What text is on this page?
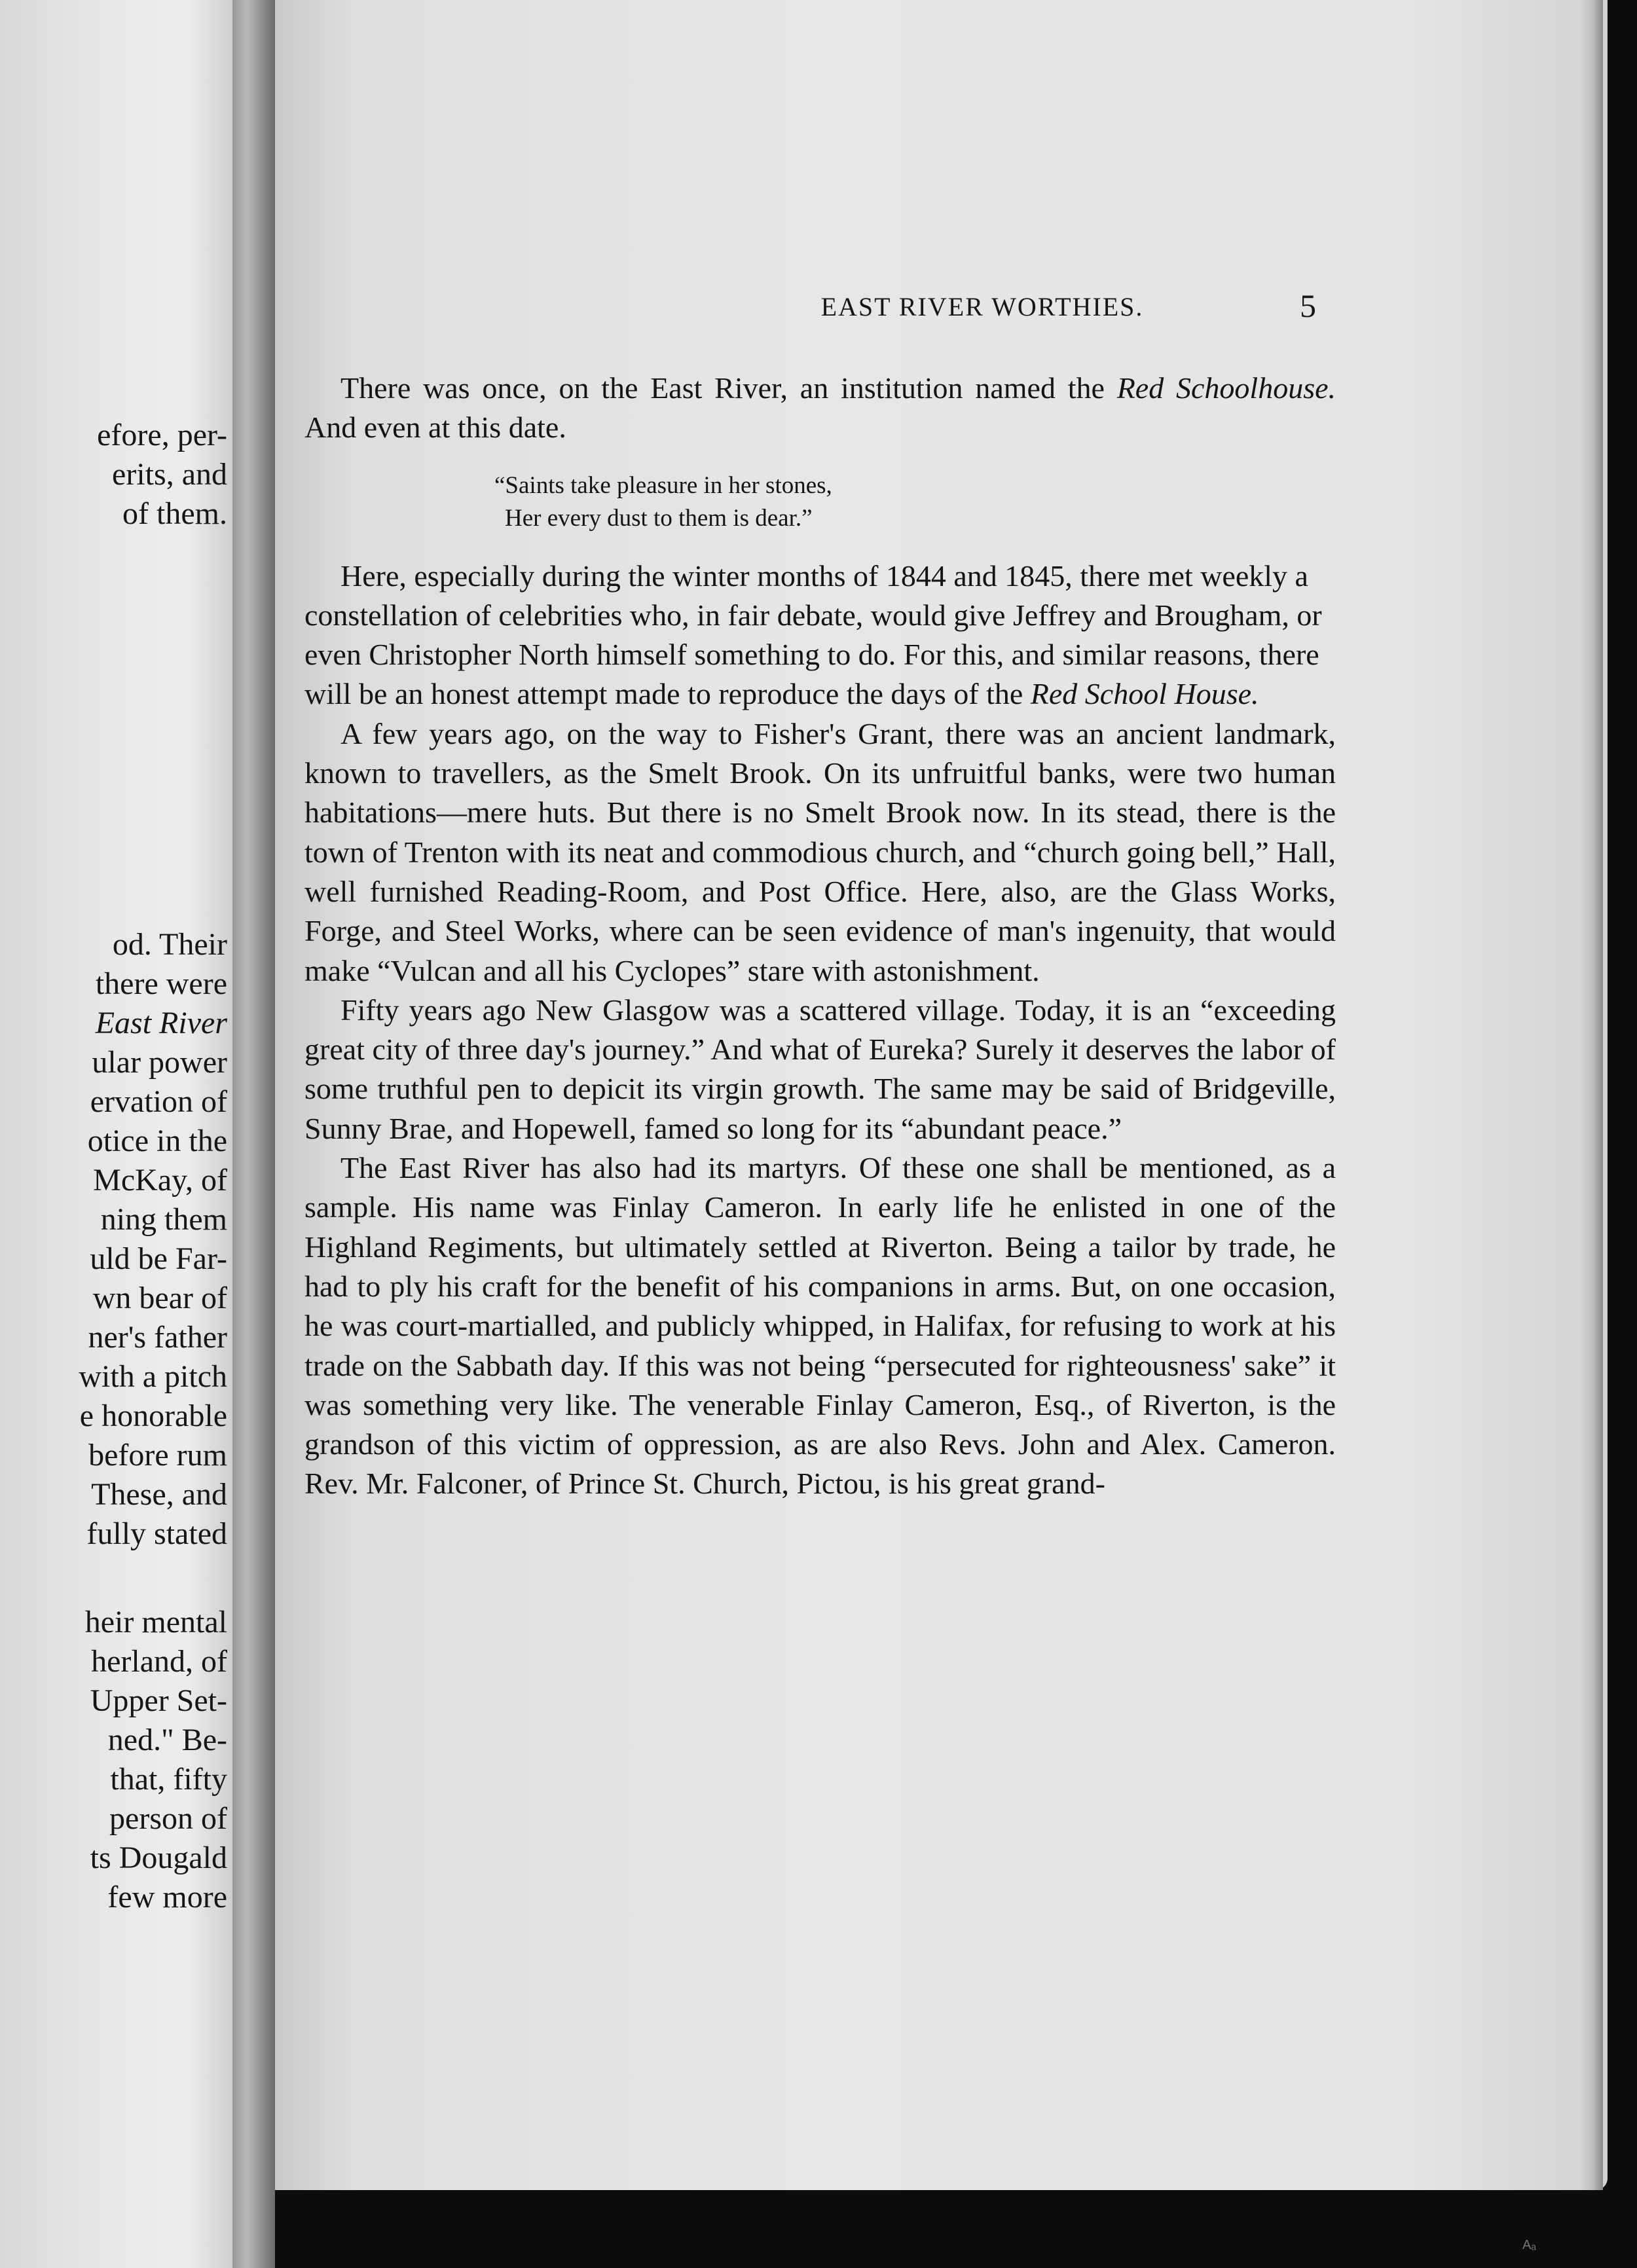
efore, per-
erits, and
of them.
od. Their
there were
East River
ular power
ervation of
otice in the
McKay, of
ning them
uld be Far-
wn bear of
ner's father
with a pitch
e honorable
before rum
These, and
fully stated
heir mental
herland, of
Upper Set-
ned." Be-
that, fifty
person of
ts Dougald
few more
EAST RIVER WORTHIES.	5

There was once, on the East River, an institution named the Red Schoolhouse. And even at this date.

“Saints take pleasure in her stones,
Her every dust to them is dear.”

Here, especially during the winter months of 1844 and 1845, there met weekly a constellation of celebrities who, in fair debate, would give Jeffrey and Brougham, or even Christopher North himself something to do. For this, and similar reasons, there will be an honest attempt made to reproduce the days of the Red School House.

A few years ago, on the way to Fisher's Grant, there was an ancient landmark, known to travellers, as the Smelt Brook. On its unfruitful banks, were two human habitations—mere huts. But there is no Smelt Brook now. In its stead, there is the town of Trenton with its neat and commodious church, and “church going bell,” Hall, well furnished Reading-Room, and Post Office. Here, also, are the Glass Works, Forge, and Steel Works, where can be seen evidence of man's ingenuity, that would make “Vulcan and all his Cyclopes” stare with astonishment.

Fifty years ago New Glasgow was a scattered village. Today, it is an “exceeding great city of three day's journey.” And what of Eureka? Surely it deserves the labor of some truthful pen to depicit its virgin growth. The same may be said of Bridgeville, Sunny Brae, and Hopewell, famed so long for its “abundant peace.”

The East River has also had its martyrs. Of these one shall be mentioned, as a sample. His name was Finlay Cameron. In early life he enlisted in one of the Highland Regiments, but ultimately settled at Riverton. Being a tailor by trade, he had to ply his craft for the benefit of his companions in arms. But, on one occasion, he was court-martialled, and publicly whipped, in Halifax, for refusing to work at his trade on the Sabbath day. If this was not being “persecuted for righteousness' sake” it was something very like. The venerable Finlay Cameron, Esq., of Riverton, is the grandson of this victim of oppression, as are also Revs. John and Alex. Cameron. Rev. Mr. Falconer, of Prince St. Church, Pictou, is his great grand-

Aₐ
